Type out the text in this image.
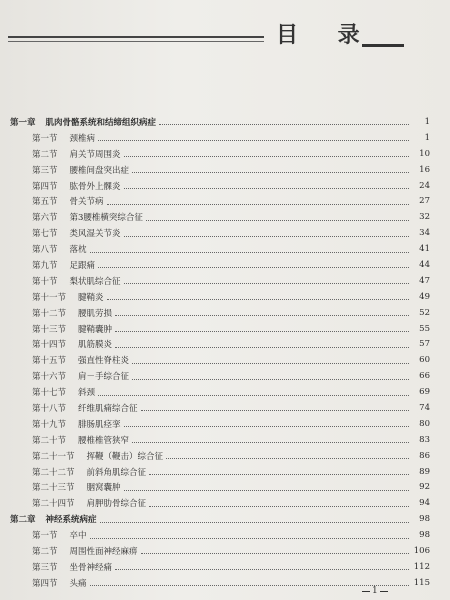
目 录
第一章 肌肉骨骼系统和结缔组织病症	1
第一节 颈椎病	1
第二节 肩关节周围炎	10
第三节 腰椎间盘突出症	16
第四节 肱骨外上髁炎	24
第五节 骨关节病	27
第六节 第3腰椎横突综合征	32
第七节 类风湿关节炎	34
第八节 落枕	41
第九节 足跟痛	44
第十节 梨状肌综合征	47
第十一节 腱鞘炎	49
第十二节 腰肌劳损	52
第十三节 腱鞘囊肿	55
第十四节 肌筋膜炎	57
第十五节 强直性脊柱炎	60
第十六节 肩－手综合征	66
第十七节 斜颈	69
第十八节 纤维肌痛综合征	74
第十九节 腓肠肌痉挛	80
第二十节 腰椎椎管狭窄	83
第二十一节 挥鞭（鞭击）综合征	86
第二十二节 前斜角肌综合征	89
第二十三节 胭窝囊肿	92
第二十四节 肩胛肋骨综合征	94
第二章 神经系统病症	98
第一节 卒中	98
第二节 周围性面神经麻痹	106
第三节 坐骨神经痛	112
第四节 头痛	115
1
